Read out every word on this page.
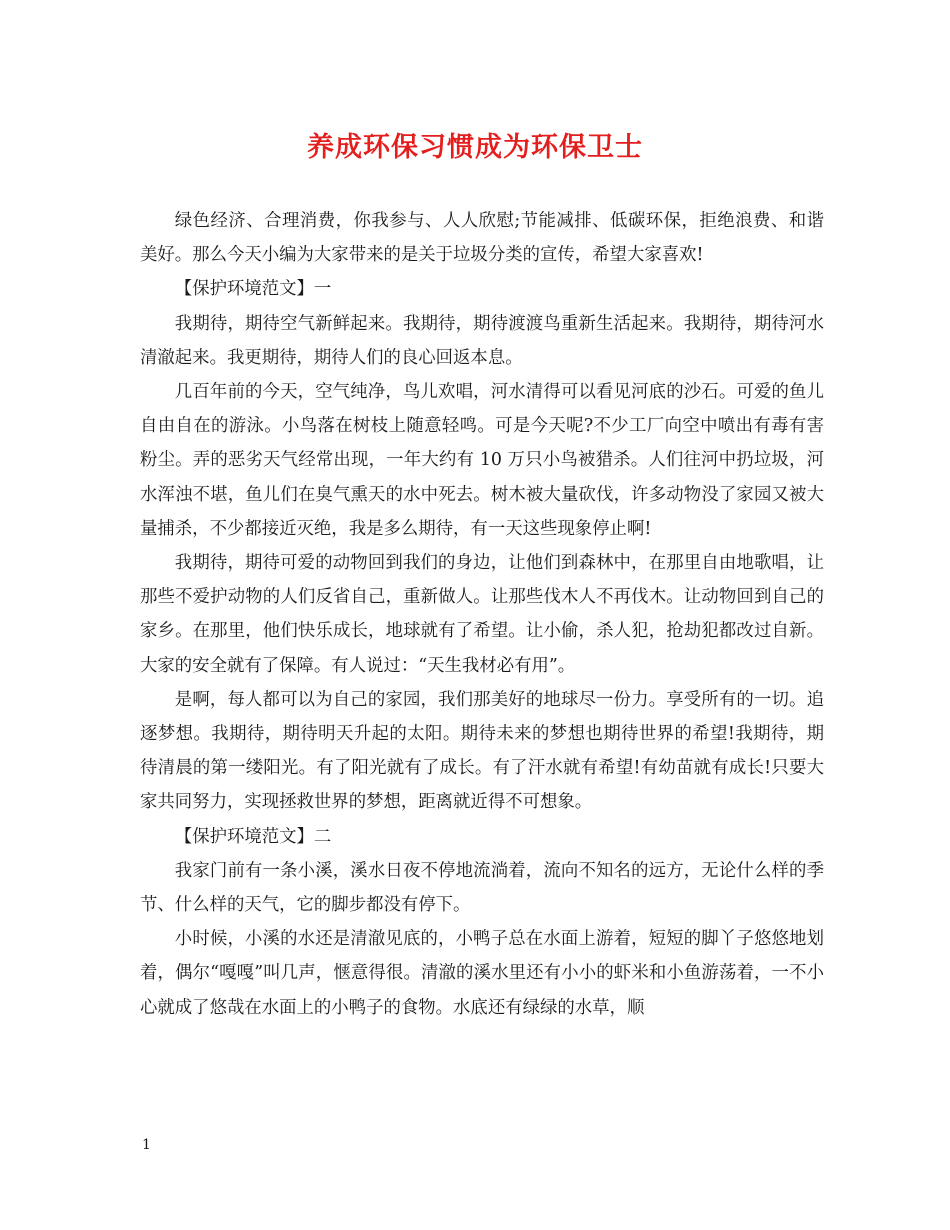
养成环保习惯成为环保卫士

绿色经济、合理消费，你我参与、人人欣慰;节能减排、低碳环保，拒绝浪费、和谐美好。那么今天小编为大家带来的是关于垃圾分类的宣传，希望大家喜欢!

【保护环境范文】一

我期待，期待空气新鲜起来。我期待，期待渡渡鸟重新生活起来。我期待，期待河水清澈起来。我更期待，期待人们的良心回返本息。

几百年前的今天，空气纯净，鸟儿欢唱，河水清得可以看见河底的沙石。可爱的鱼儿自由自在的游泳。小鸟落在树枝上随意轻鸣。可是今天呢?不少工厂向空中喷出有毒有害粉尘。弄的恶劣天气经常出现，一年大约有 10 万只小鸟被猎杀。人们往河中扔垃圾，河水浑浊不堪，鱼儿们在臭气熏天的水中死去。树木被大量砍伐，许多动物没了家园又被大量捕杀，不少都接近灭绝，我是多么期待，有一天这些现象停止啊!

我期待，期待可爱的动物回到我们的身边，让他们到森林中，在那里自由地歌唱，让那些不爱护动物的人们反省自己，重新做人。让那些伐木人不再伐木。让动物回到自己的家乡。在那里，他们快乐成长，地球就有了希望。让小偷，杀人犯，抢劫犯都改过自新。大家的安全就有了保障。有人说过：“天生我材必有用”。

是啊，每人都可以为自己的家园，我们那美好的地球尽一份力。享受所有的一切。追逐梦想。我期待，期待明天升起的太阳。期待未来的梦想也期待世界的希望!我期待，期待清晨的第一缕阳光。有了阳光就有了成长。有了汗水就有希望!有幼苗就有成长!只要大家共同努力，实现拯救世界的梦想，距离就近得不可想象。

【保护环境范文】二

我家门前有一条小溪，溪水日夜不停地流淌着，流向不知名的远方，无论什么样的季节、什么样的天气，它的脚步都没有停下。

小时候，小溪的水还是清澈见底的，小鸭子总在水面上游着，短短的脚丫子悠悠地划着，偶尔“嘎嘎”叫几声，惬意得很。清澈的溪水里还有小小的虾米和小鱼游荡着，一不小心就成了悠哉在水面上的小鸭子的食物。水底还有绿绿的水草，顺

1
